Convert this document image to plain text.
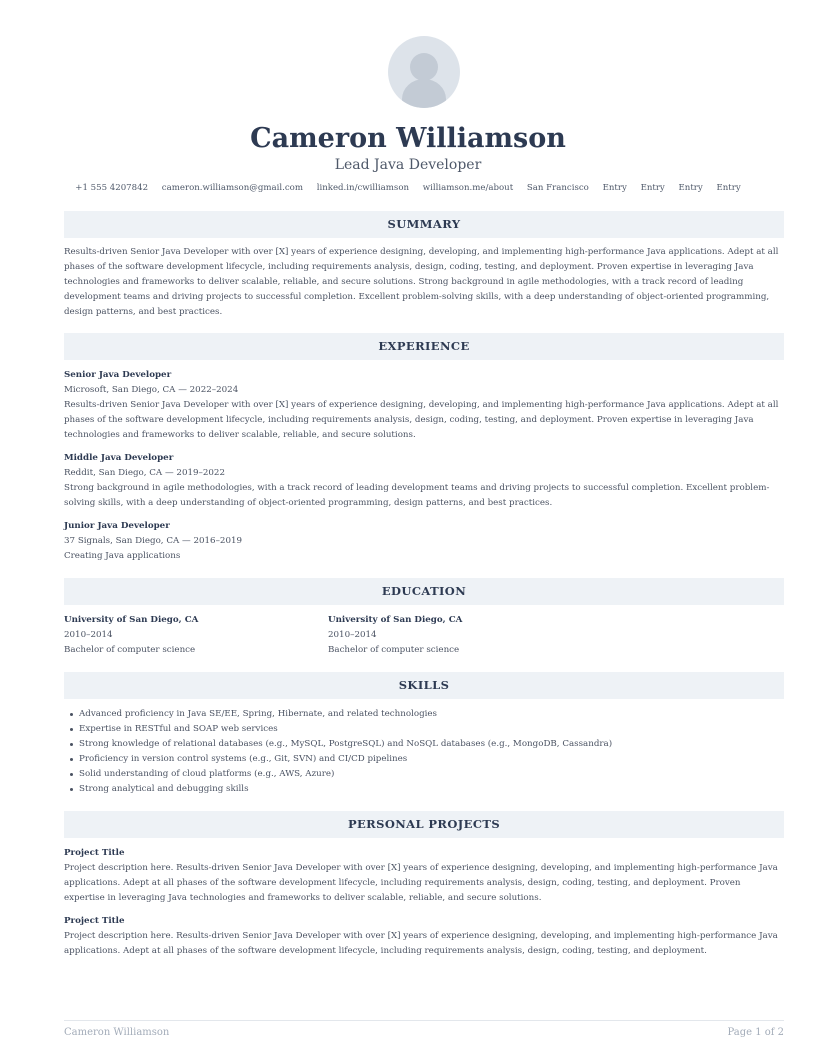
Cameron Williamson
Lead Java Developer
+1 555 4207842 cameron.williamson@gmail.com linked.in/cwilliamson williamson.me/about San Francisco Entry Entry Entry Entry
SUMMARY
Results-driven Senior Java Developer with over [X] years of experience designing, developing, and implementing high-performance Java applications. Adept at all phases of the software development lifecycle, including requirements analysis, design, coding, testing, and deployment. Proven expertise in leveraging Java technologies and frameworks to deliver scalable, reliable, and secure solutions. Strong background in agile methodologies, with a track record of leading development teams and driving projects to successful completion. Excellent problem-solving skills, with a deep understanding of object-oriented programming, design patterns, and best practices.
EXPERIENCE
Senior Java Developer
Microsoft, San Diego, CA — 2022–2024
Results-driven Senior Java Developer with over [X] years of experience designing, developing, and implementing high-performance Java applications. Adept at all phases of the software development lifecycle, including requirements analysis, design, coding, testing, and deployment. Proven expertise in leveraging Java technologies and frameworks to deliver scalable, reliable, and secure solutions.
Middle Java Developer
Reddit, San Diego, CA — 2019–2022
Strong background in agile methodologies, with a track record of leading development teams and driving projects to successful completion. Excellent problem-solving skills, with a deep understanding of object-oriented programming, design patterns, and best practices.
Junior Java Developer
37 Signals, San Diego, CA — 2016–2019
Creating Java applications
EDUCATION
University of San Diego, CA
2010–2014
Bachelor of computer science
University of San Diego, CA
2010–2014
Bachelor of computer science
SKILLS
Advanced proficiency in Java SE/EE, Spring, Hibernate, and related technologies
Expertise in RESTful and SOAP web services
Strong knowledge of relational databases (e.g., MySQL, PostgreSQL) and NoSQL databases (e.g., MongoDB, Cassandra)
Proficiency in version control systems (e.g., Git, SVN) and CI/CD pipelines
Solid understanding of cloud platforms (e.g., AWS, Azure)
Strong analytical and debugging skills
PERSONAL PROJECTS
Project Title
Project description here. Results-driven Senior Java Developer with over [X] years of experience designing, developing, and implementing high-performance Java applications. Adept at all phases of the software development lifecycle, including requirements analysis, design, coding, testing, and deployment. Proven expertise in leveraging Java technologies and frameworks to deliver scalable, reliable, and secure solutions.
Project Title
Project description here. Results-driven Senior Java Developer with over [X] years of experience designing, developing, and implementing high-performance Java applications. Adept at all phases of the software development lifecycle, including requirements analysis, design, coding, testing, and deployment.
Cameron Williamson	Page 1 of 2
